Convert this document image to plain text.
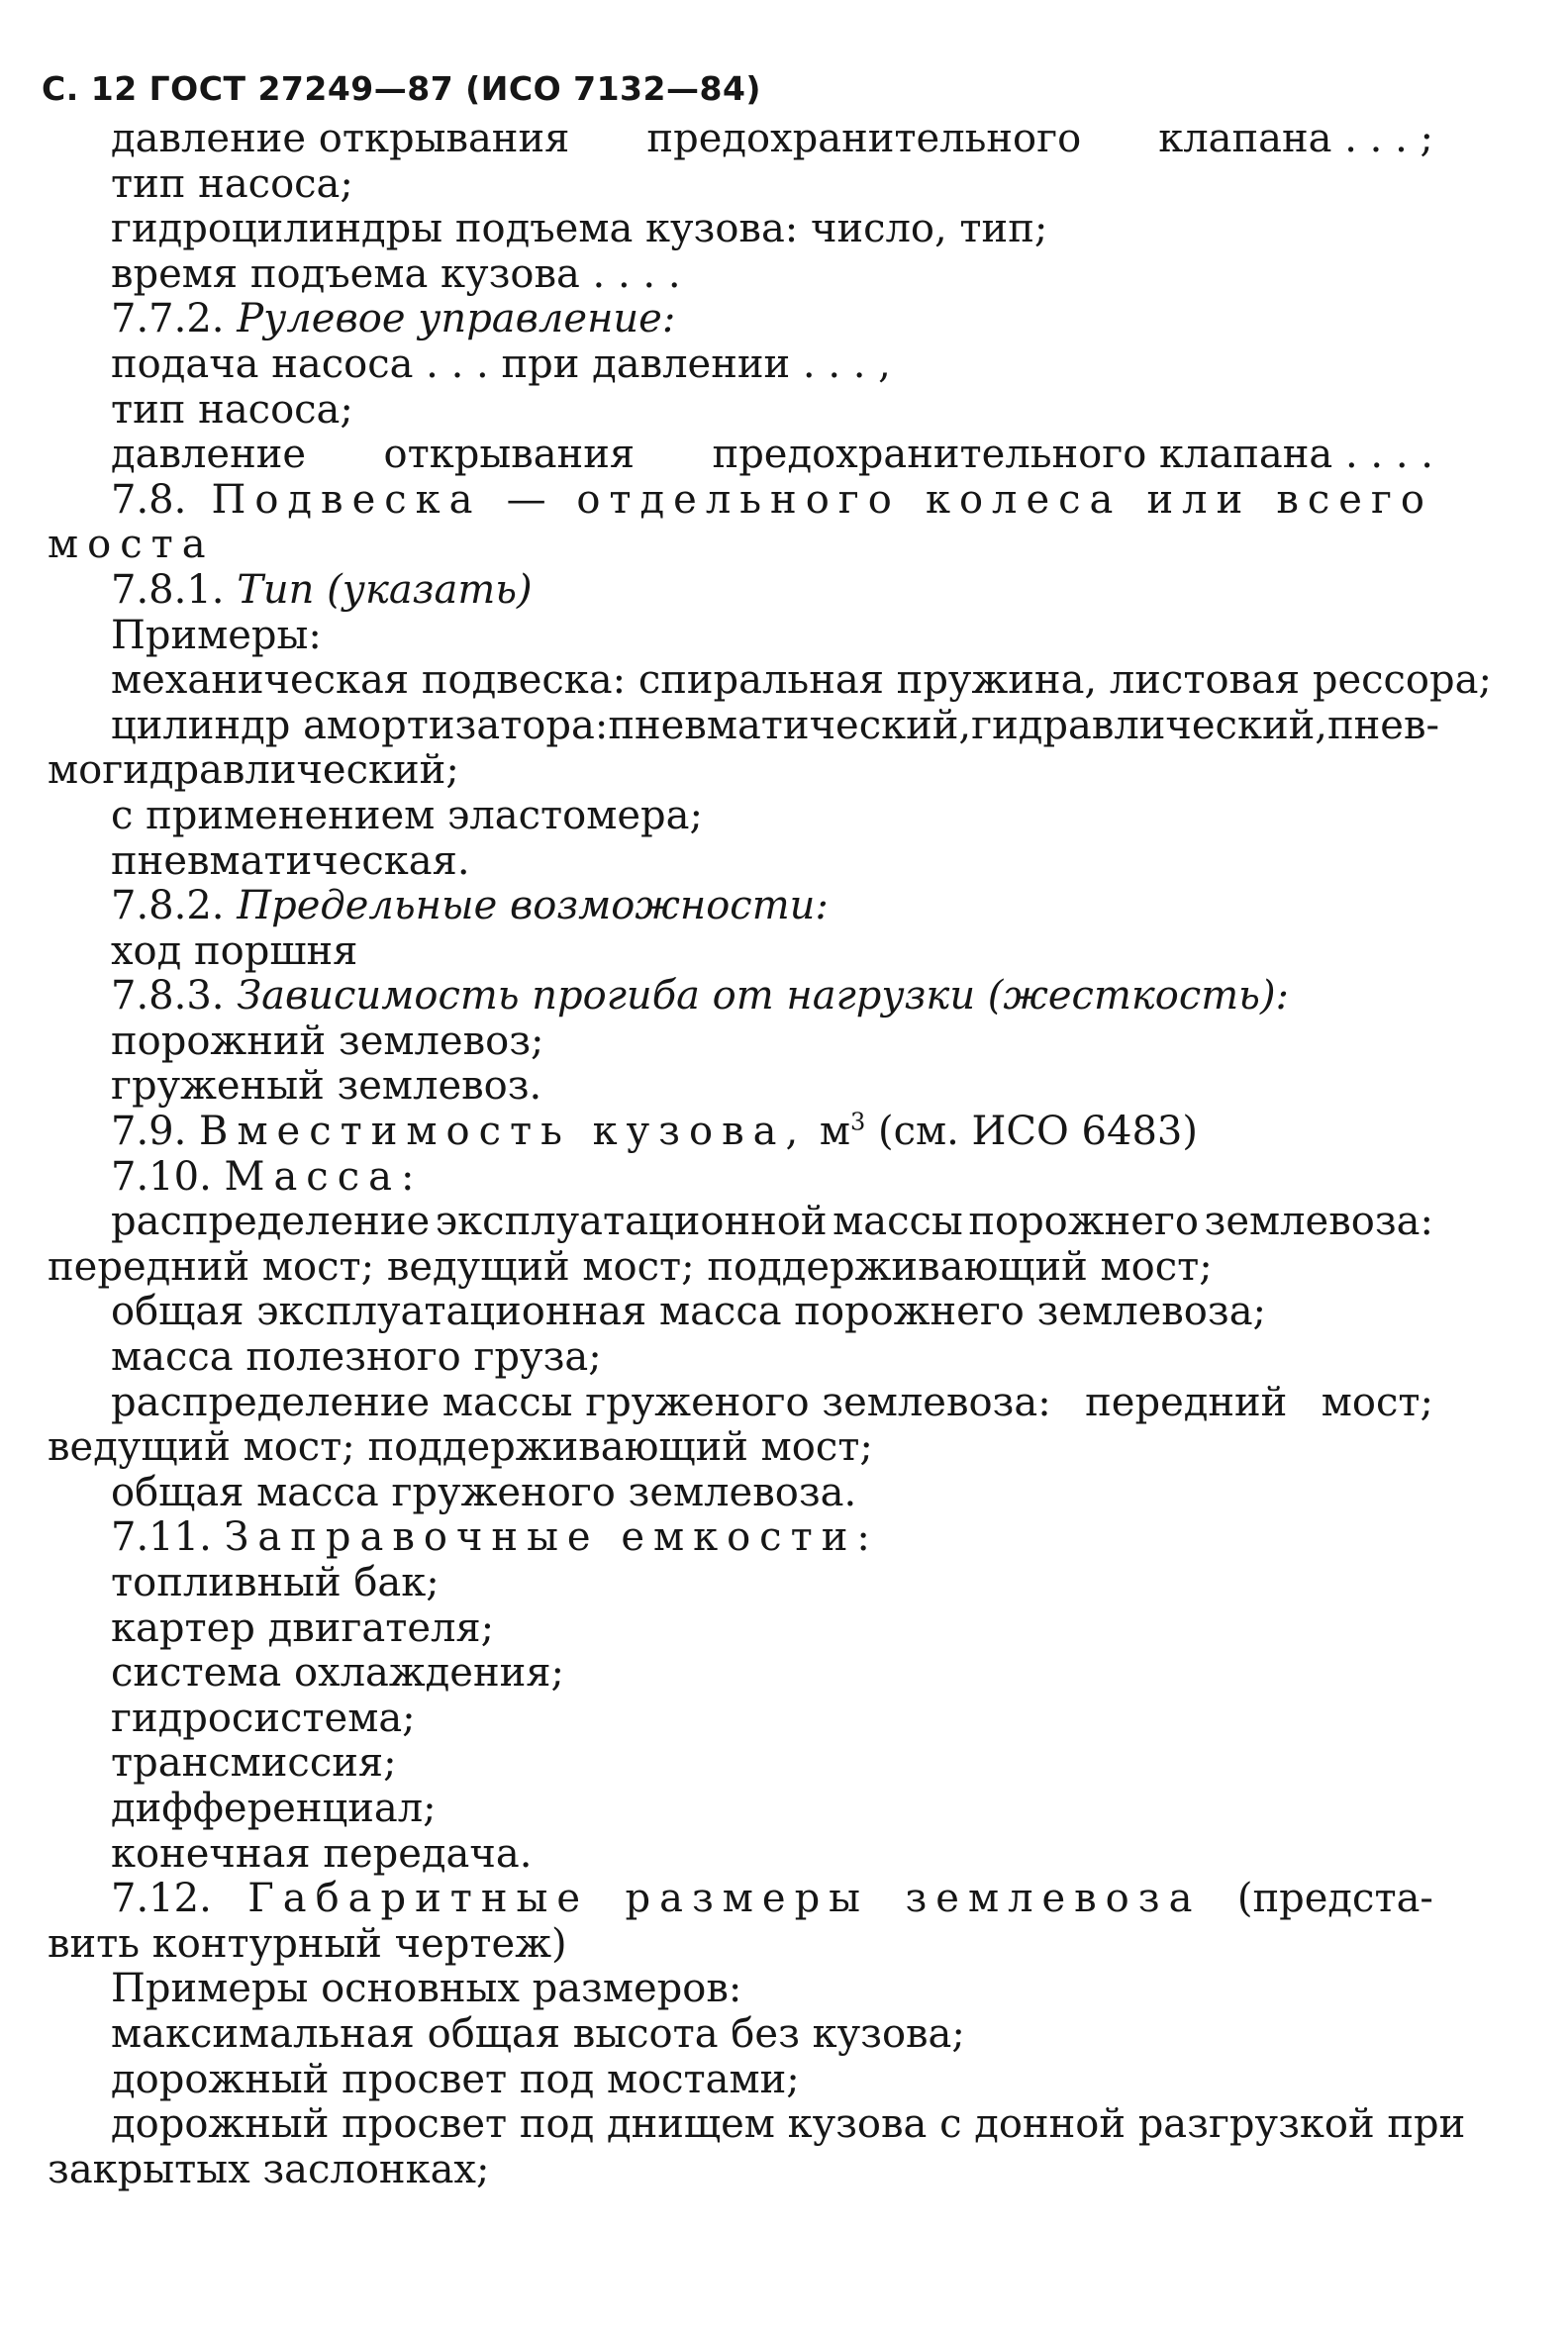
С. 12 ГОСТ 27249—87 (ИСО 7132—84)
давление открывания предохранительного клапана . . . ;
тип насоса;
гидроцилиндры подъема кузова: число, тип;
время подъема кузова . . . .
7.7.2. Рулевое управление:
подача насоса . . . при давлении . . . ,
тип насоса;
давление открывания предохранительного клапана . . . .
7.8. Подвеска — отдельного колеса или всего
моста
7.8.1. Тип (указать)
Примеры:
механическая подвеска: спиральная пружина, листовая рессора;
цилиндр амортизатора: пневматический, гидравлический, пнев-
могидравлический;
с применением эластомера;
пневматическая.
7.8.2. Предельные возможности:
ход поршня
7.8.3. Зависимость прогиба от нагрузки (жесткость):
порожний землевоз;
груженый землевоз.
7.9. Вместимость кузова, $м^3$ (см. ИСО 6483)
7.10. Масса:
распределение эксплуатационной массы порожнего землевоза:
передний мост; ведущий мост; поддерживающий мост;
общая эксплуатационная масса порожнего землевоза;
масса полезного груза;
распределение массы груженого землевоза: передний мост;
ведущий мост; поддерживающий мост;
общая масса груженого землевоза.
7.11. Заправочные емкости:
топливный бак;
картер двигателя;
система охлаждения;
гидросистема;
трансмиссия;
дифференциал;
конечная передача.
7.12. Габаритные размеры землевоза (предста-
вить контурный чертеж)
Примеры основных размеров:
максимальная общая высота без кузова;
дорожный просвет под мостами;
дорожный просвет под днищем кузова с донной разгрузкой при
закрытых заслонках;
